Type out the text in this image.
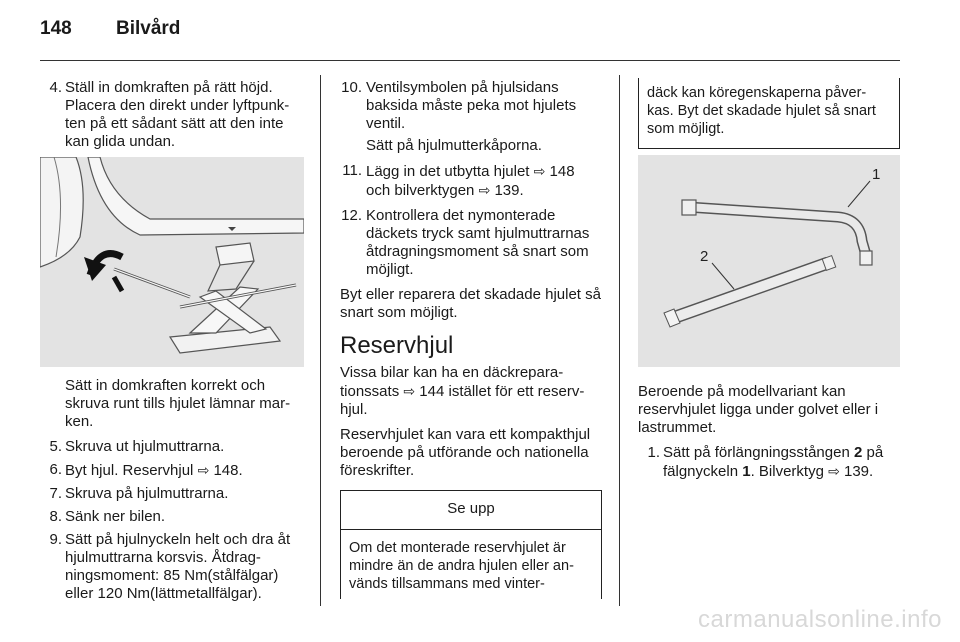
148	Bilvård
4. Ställ in domkraften på rätt höjd. Placera den direkt under lyftpunk-ten på ett sådant sätt att den inte kan glida undan.
Sätt in domkraften korrekt och skruva runt tills hjulet lämnar mar-ken.
5. Skruva ut hjulmuttrarna.
6. Byt hjul. Reservhjul ⇨ 148.
7. Skruva på hjulmuttrarna.
8. Sänk ner bilen.
9. Sätt på hjulnyckeln helt och dra åt hjulmuttrarna korsvis. Åtdrag-ningsmoment: 85 Nm(stålfälgar) eller 120 Nm(lättmetallfälgar).
10. Ventilsymbolen på hjulsidans baksida måste peka mot hjulets ventil.
Sätt på hjulmutterkåporna.
11. Lägg in det utbytta hjulet ⇨ 148 och bilverktygen ⇨ 139.
12. Kontrollera det nymonterade däckets tryck samt hjulmuttrarnas åtdragningsmoment så snart som möjligt.
Byt eller reparera det skadade hjulet så snart som möjligt.
Reservhjul
Vissa bilar kan ha en däckrepara-tionssats ⇨ 144 istället för ett reserv-hjul.
Reservhjulet kan vara ett kompakthjul beroende på utförande och nationella föreskrifter.
Se upp
Om det monterade reservhjulet är mindre än de andra hjulen eller an-vänds tillsammans med vinter-
däck kan köregenskaperna påver-kas. Byt det skadade hjulet så snart som möjligt.
1
2
Beroende på modellvariant kan reservhjulet ligga under golvet eller i lastrummet.
1. Sätt på förlängningsstången 2 på fälgnyckeln 1. Bilverktyg ⇨ 139.
carmanualsonline.info
